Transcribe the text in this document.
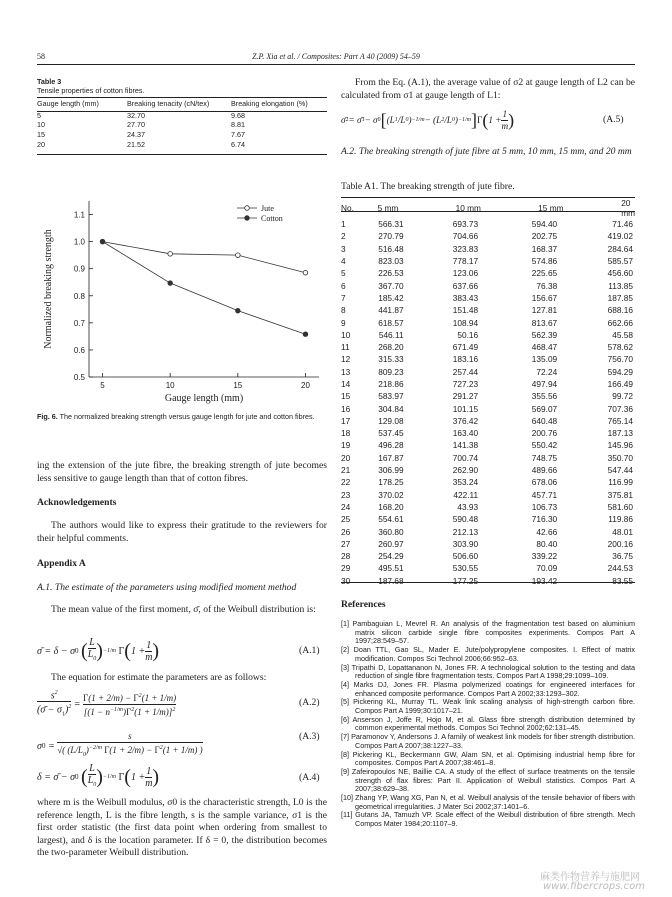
58	Z.P. Xia et al. / Composites: Part A 40 (2009) 54–59
Table 3
Tensile properties of cotton fibres.
Gauge length (mm)	Breaking tenacity (cN/tex)	Breaking elongation (%)
5	32.70	9.68
10	27.70	8.81
15	24.37	7.67
20	21.52	6.74
0.5
0.6
0.7
0.8
0.9
1.0
1.1
5	10	15	20
Gauge length (mm)
Normalized breaking strength
Jute
Cotton
Fig. 6. The normalized breaking strength versus gauge length for jute and cotton fibres.
ing the extension of the jute fibre, the breaking strength of jute becomes less sensitive to gauge length than that of cotton fibres.
Acknowledgements
The authors would like to express their gratitude to the reviewers for their helpful comments.
Appendix A
A.1. The estimate of the parameters using modified moment method
The mean value of the first moment, σ̄, of the Weibull distribution is:
σ̄ = δ − σ 0
( $\frac{L}{L_0}$ ) −1/m
Γ ( $1 + \frac{1}{m}$ )	(A.1)
The equation for estimate the parameters are as follows:
$\frac{s^2}{(\sigmā - \sigma_1)^2} = \frac{\Gamma(1 + 2/m) - \Gamma^2(1 + 1/m)}{[(1 - n^{-1/m})\Gamma^2(1 + 1/m)]^2}$	(A.2)
σ $0 = \frac{s}{√( (L/L_0)^{-2/m} \Gamma(1 + 2/m) - \Gamma^2(1 + 1/m) )}$	(A.3)
δ = σ̄ − σ 0
( $\frac{L}{L_0}$ ) −1/m
Γ ( $1 + \frac{1}{m}$ )	(A.4)
where m is the Weibull modulus, σ0 is the characteristic strength, L0 is the reference length, L is the fibre length, s is the sample variance, σ1 is the first order statistic (the first data point when ordering from smallest to largest), and δ is the location parameter. If δ = 0, the distribution becomes the two-parameter Weibull distribution.
From the Eq. (A.1), the average value of σ2 at gauge length of L2 can be calculated from σ1 at gauge length of L1:
σ̄ 2 = σ̄ 1 − σ 0 [ (L 1 /L 0 ) −1/m − (L 2 /L 0 ) −1/m ] Γ ( $1 + \frac{1}{m}$ )	(A.5)
A.2. The breaking strength of jute fibre at 5 mm, 10 mm, 15 mm, and 20 mm
Table A1. The breaking strength of jute fibre.
No.	5 mm	10 mm	15 mm	20 mm
1	566.31	693.73	594.40	71.46
2	270.79	704.66	202.75	419.02
3	516.48	323.83	168.37	284.64
4	823.03	778.17	574.86	585.57
5	226.53	123.06	225.65	456.60
6	367.70	637.66	76.38	113.85
7	185.42	383.43	156.67	187.85
8	441.87	151.48	127.81	688.16
9	618.57	108.94	813.67	662.66
10	546.11	50.16	562.39	45.58
11	268.20	671.49	468.47	578.62
12	315.33	183.16	135.09	756.70
13	809.23	257.44	72.24	594.29
14	218.86	727.23	497.94	166.49
15	583.97	291.27	355.56	99.72
16	304.84	101.15	569.07	707.36
17	129.08	376.42	640.48	765.14
18	537.45	163.40	200.76	187.13
19	496.28	141.38	550.42	145.96
20	167.87	700.74	748.75	350.70
21	306.99	262.90	489.66	547.44
22	178.25	353.24	678.06	116.99
23	370.02	422.11	457.71	375.81
24	168.20	43.93	106.73	581.60
25	554.61	590.48	716.30	119.86
26	360.80	212.13	42.66	48.01
27	260.97	303.90	80.40	200.16
28	254.29	506.60	339.22	36.75
29	495.51	530.55	70.09	244.53
30	187.68	177.25	193.42	83.55
References
[1] Pambaguian L, Mevrel R. An analysis of the fragmentation test based on aluminium matrix silicon carbide single fibre composites experiments. Compos Part A 1997;28:549–57.
[2] Doan TTL, Gao SL, Mader E. Jute/polypropylene composites. I. Effect of matrix modification. Compos Sci Technol 2006;66:952–63.
[3] Tripathi D, Lopattananon N, Jones FR. A technological solution to the testing and data reduction of single fibre fragmentation tests. Compos Part A 1998;29:1099–109.
[4] Marks DJ, Jones FR. Plasma polymerized coatings for engineered interfaces for enhanced composite performance. Compos Part A 2002;33:1293–302.
[5] Pickering KL, Murray TL. Weak link scaling analysis of high-strength carbon fibre. Compos Part A 1999;30:1017–21.
[6] Anserson J, Joffe R, Hojo M, et al. Glass fibre strength distribution determined by common experimental methods. Compos Sci Technol 2002;62:131–45.
[7] Paramonov Y, Andersons J. A family of weakest link models for fiber strength distribution. Compos Part A 2007;38:1227–33.
[8] Pickering KL, Beckermann GW, Alam SN, et al. Optimising industrial hemp fibre for composites. Compos Part A 2007;38:461–8.
[9] Zafeiropoulos NE, Baillie CA. A study of the effect of surface treatments on the tensile strength of flax fibres: Part II. Application of Weibull statistics. Compos Part A 2007;38:629–38.
[10] Zhang YP, Wang XG, Pan N, et al. Weibull analysis of the tensile behavior of fibers with geometrical irregularities. J Mater Sci 2002;37:1401–6.
[11] Gutans JA, Tamuzh VP. Scale effect of the Weibull distribution of fibre strength. Mech Compos Mater 1984;20:1107–9.
麻类作物营养与施肥网
www.fibercrops.com
